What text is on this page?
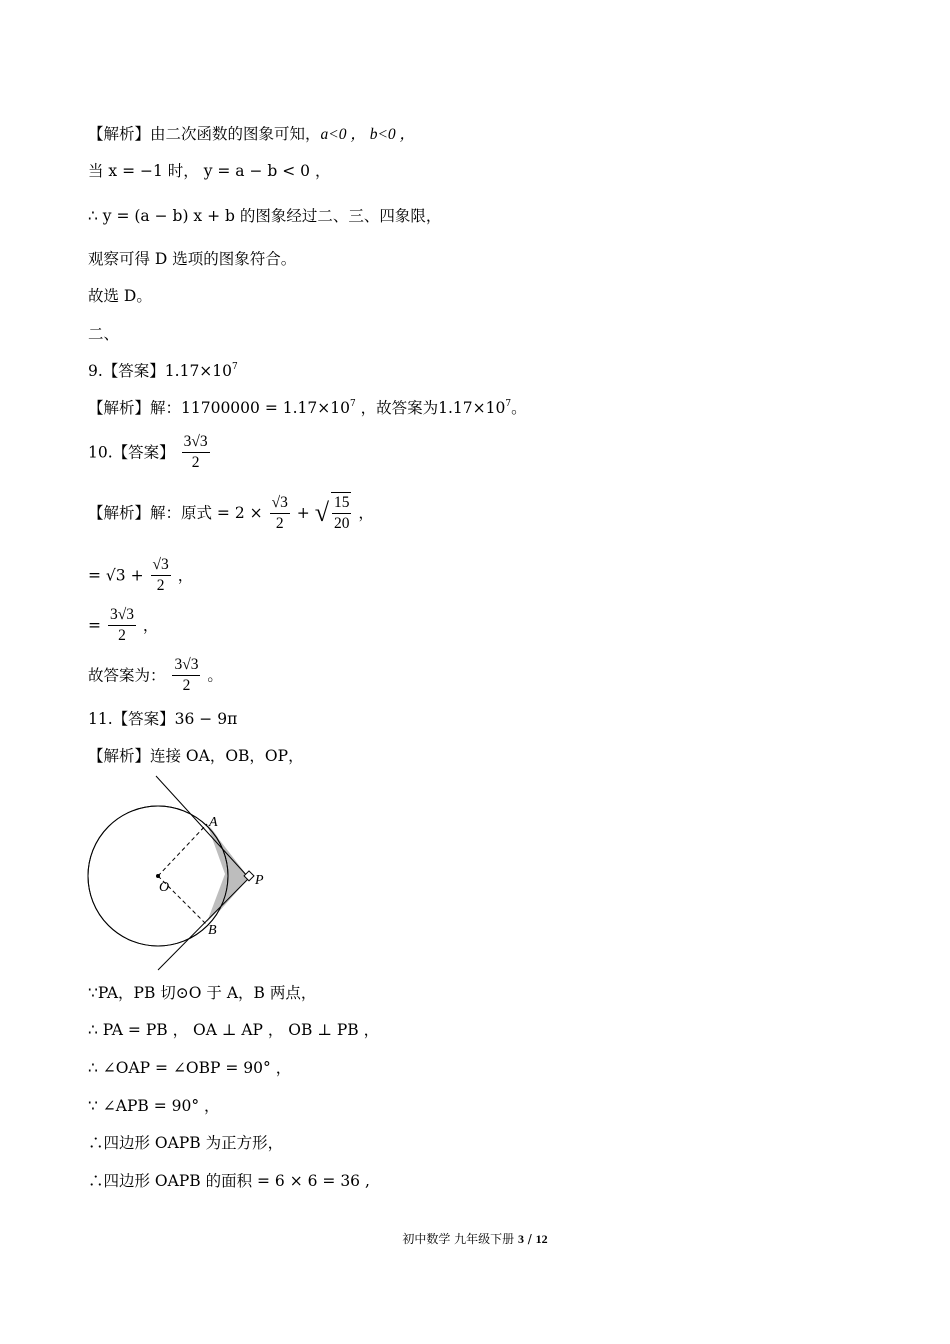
【解析】由二次函数的图象可知，a<0 ， b<0 ，
当 x = −1 时， y = a − b < 0 ，
∴ y = (a − b) x + b 的图象经过二、三、四象限，
观察可得 D 选项的图象符合。
故选 D。
二、
9.【答案】$1.17\times 10^7$
【解析】解：$11700000 = 1.17\times 10^7$ ，故答案为$1.17\times 10^7$。
10.【答案】 $\frac{3√3}{2}$
【解析】解：原式 = $2 \times \frac{√3}{2}$ + √ $\frac{15}{20}$ ，
= $√3 + \frac{√3}{2}$ ，
= $\frac{3√3}{2}$ ，
故答案为： $\frac{3√3}{2}$ 。
11.【答案】36 − 9π
【解析】连接 OA，OB，OP，
A
B
O	P
∵PA，PB 切⊙O 于 A，B 两点，
∴ PA = PB ， OA ⊥ AP ， OB ⊥ PB ，
∴ ∠OAP = ∠OBP = 90° ，
∵ ∠APB = 90° ，
∴四边形 OAPB 为正方形，
∴四边形 OAPB 的面积 = 6 × 6 = 36 ,
初中数学 九年级下册 3 / 12
